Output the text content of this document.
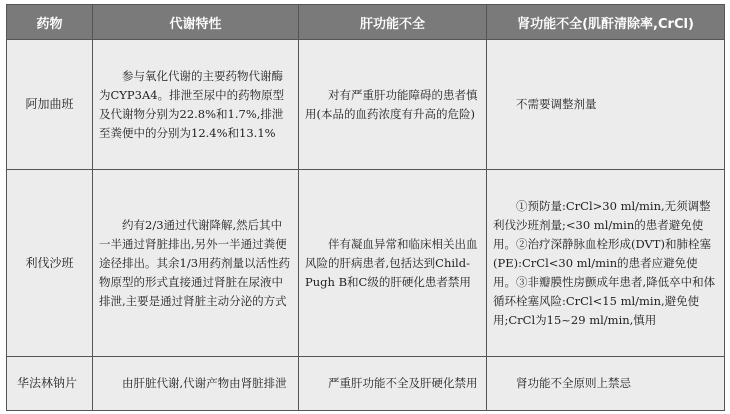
药物	代谢特性	肝功能不全	肾功能不全(肌酐清除率,CrCl)
阿加曲班	参与氧化代谢的主要药物代谢酶为CYP3A4。排泄至尿中的药物原型及代谢物分别为22.8%和1.7%,排泄至粪便中的分别为12.4%和13.1%	对有严重肝功能障碍的患者慎用(本品的血药浓度有升高的危险)	不需要调整剂量
利伐沙班	约有2/3通过代谢降解,然后其中一半通过肾脏排出,另外一半通过粪便途径排出。其余1/3用药剂量以活性药物原型的形式直接通过肾脏在尿液中排泄,主要是通过肾脏主动分泌的方式	伴有凝血异常和临床相关出血风险的肝病患者,包括达到Child-Pugh B和C级的肝硬化患者禁用	①预防量:CrCl>30 ml/min,无须调整利伐沙班剂量;<30 ml/min的患者避免使用。②治疗深静脉血栓形成(DVT)和肺栓塞(PE):CrCl<30 ml/min的患者应避免使用。③非瓣膜性房颤成年患者,降低卒中和体循环栓塞风险:CrCl<15 ml/min,避免使用;CrCl为15~29 ml/min,慎用
华法林钠片	由肝脏代谢,代谢产物由肾脏排泄	严重肝功能不全及肝硬化禁用	肾功能不全原则上禁忌
